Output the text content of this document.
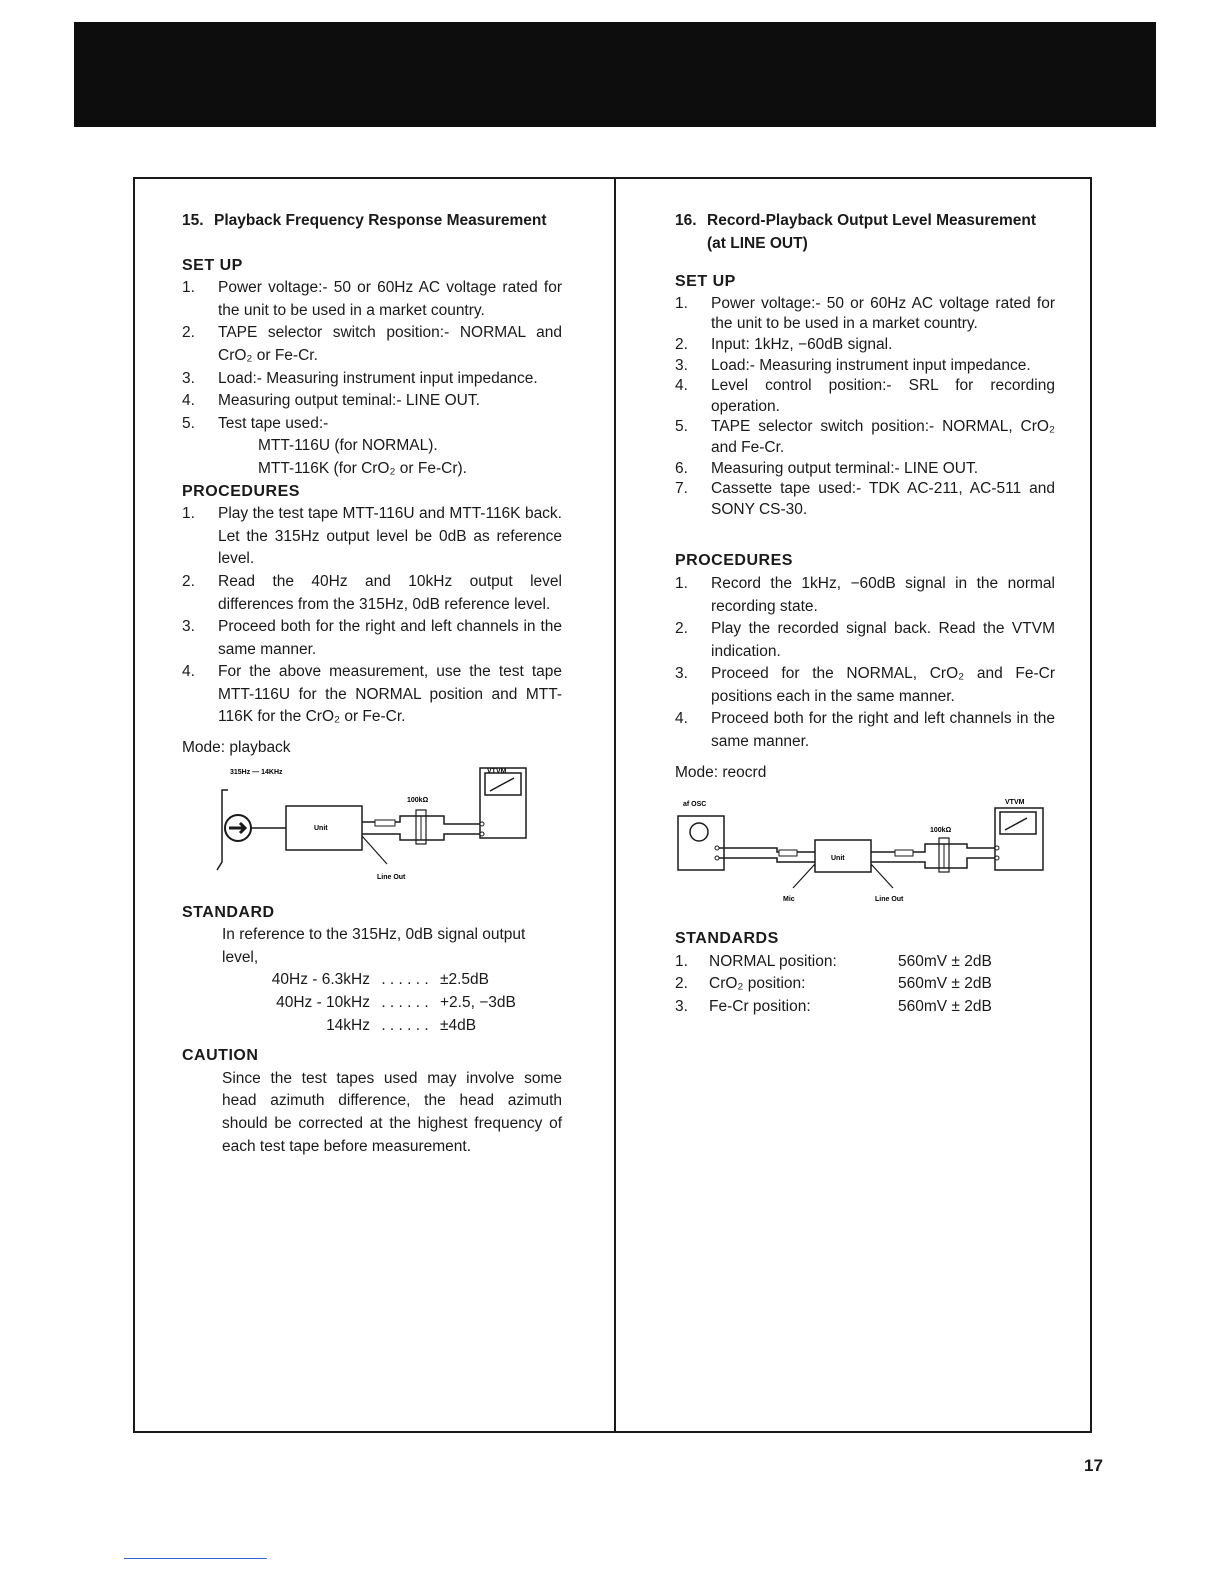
15. Playback Frequency Response Measurement

SET UP

1. Power voltage:- 50 or 60Hz AC voltage rated for the unit to be used in a market country.
2. TAPE selector switch position:- NORMAL and CrO₂ or Fe-Cr.
3. Load:- Measuring instrument input impedance.
4. Measuring output teminal:- LINE OUT.
5. Test tape used:-
MTT-116U (for NORMAL).
MTT-116K (for CrO₂ or Fe-Cr).

PROCEDURES

1. Play the test tape MTT-116U and MTT-116K back. Let the 315Hz output level be 0dB as reference level.
2. Read the 40Hz and 10kHz output level differences from the 315Hz, 0dB reference level.
3. Proceed both for the right and left channels in the same manner.
4. For the above measurement, use the test tape MTT-116U for the NORMAL position and MTT-116K for the CrO₂ or Fe-Cr.

Mode: playback

315Hz — 14KHz	VTVM
100kΩ
Unit
Line Out

STANDARD

In reference to the 315Hz, 0dB signal output level,
40Hz - 6.3kHz . . . . . . ±2.5dB
40Hz - 10kHz . . . . . . +2.5, −3dB
14kHz . . . . . . ±4dB

CAUTION

Since the test tapes used may involve some head azimuth difference, the head azimuth should be corrected at the highest frequency of each test tape before measurement.

16. Record-Playback Output Level Measurement
(at LINE OUT)

SET UP

1. Power voltage:- 50 or 60Hz AC voltage rated for the unit to be used in a market country.
2. Input: 1kHz, −60dB signal.
3. Load:- Measuring instrument input impedance.
4. Level control position:- SRL for recording operation.
5. TAPE selector switch position:- NORMAL, CrO₂ and Fe-Cr.
6. Measuring output terminal:- LINE OUT.
7. Cassette tape used:- TDK AC-211, AC-511 and SONY CS-30.

PROCEDURES

1. Record the 1kHz, −60dB signal in the normal recording state.
2. Play the recorded signal back. Read the VTVM indication.
3. Proceed for the NORMAL, CrO₂ and Fe-Cr positions each in the same manner.
4. Proceed both for the right and left channels in the same manner.

Mode: reocrd

af OSC	VTVM
100kΩ
Unit
Mic	Line Out

STANDARDS

1.	NORMAL position:	560mV ± 2dB
2.	CrO₂ position:	560mV ± 2dB
3.	Fe-Cr position:	560mV ± 2dB
17
